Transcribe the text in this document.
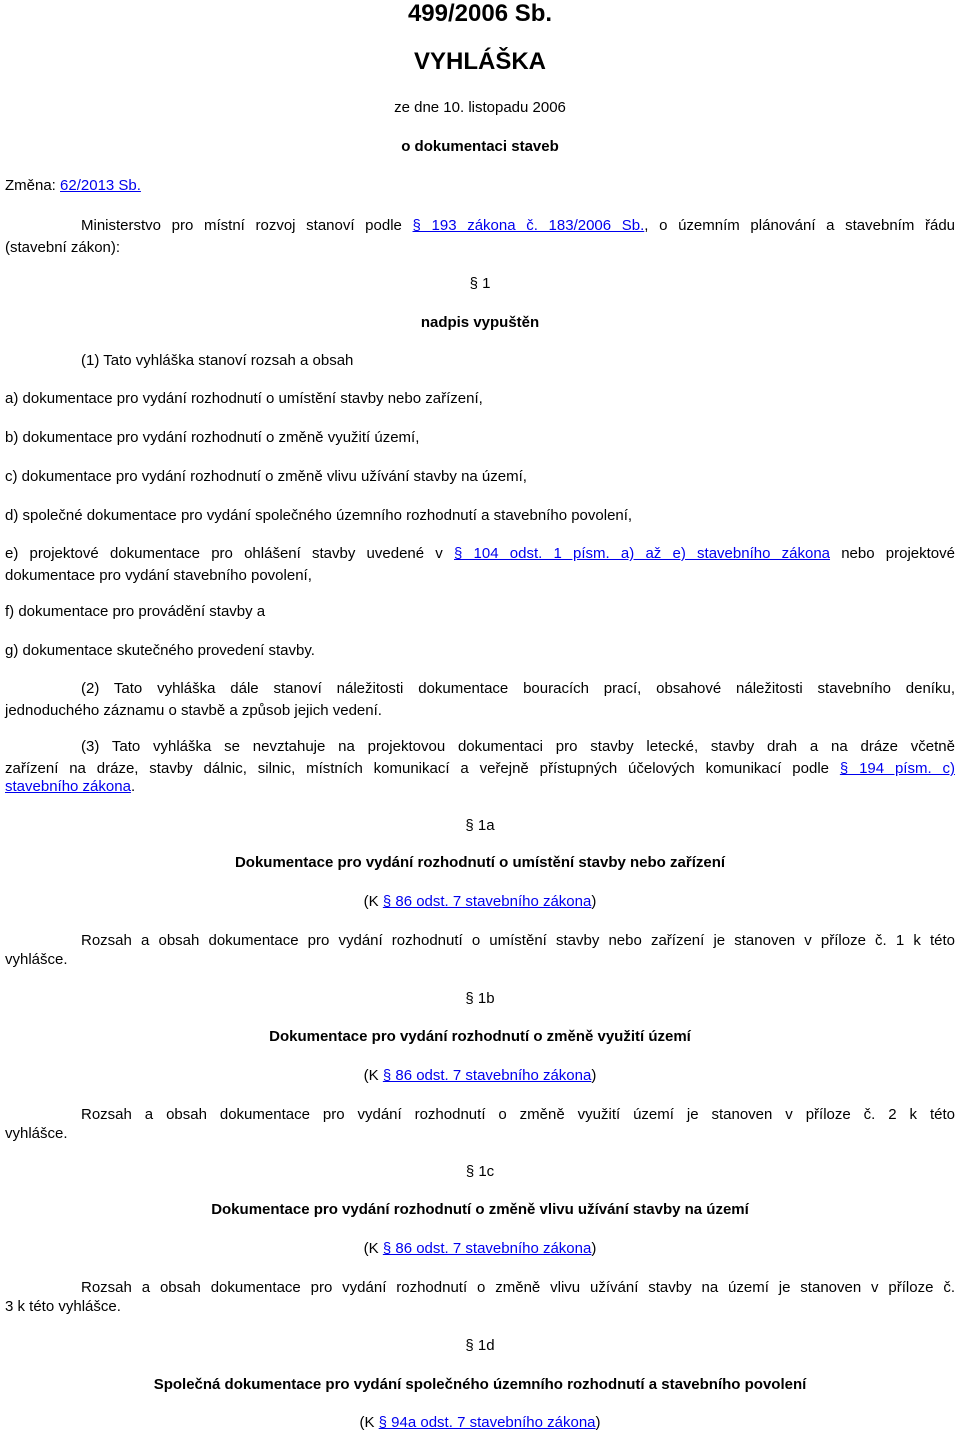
499/2006 Sb.
VYHLÁŠKA
ze dne 10. listopadu 2006
o dokumentaci staveb
Změna: 62/2013 Sb.
Ministerstvo pro místní rozvoj stanoví podle § 193 zákona č. 183/2006 Sb., o územním plánování a stavebním řádu
(stavební zákon):
§ 1
nadpis vypuštěn
(1) Tato vyhláška stanoví rozsah a obsah
a) dokumentace pro vydání rozhodnutí o umístění stavby nebo zařízení,
b) dokumentace pro vydání rozhodnutí o změně využití území,
c) dokumentace pro vydání rozhodnutí o změně vlivu užívání stavby na území,
d) společné dokumentace pro vydání společného územního rozhodnutí a stavebního povolení,
e) projektové dokumentace pro ohlášení stavby uvedené v § 104 odst. 1 písm. a) až e) stavebního zákona nebo projektové
dokumentace pro vydání stavebního povolení,
f) dokumentace pro provádění stavby a
g) dokumentace skutečného provedení stavby.
(2) Tato vyhláška dále stanoví náležitosti dokumentace bouracích prací, obsahové náležitosti stavebního deníku,
jednoduchého záznamu o stavbě a způsob jejich vedení.
(3) Tato vyhláška se nevztahuje na projektovou dokumentaci pro stavby letecké, stavby drah a na dráze včetně
zařízení na dráze, stavby dálnic, silnic, místních komunikací a veřejně přístupných účelových komunikací podle § 194 písm. c)
stavebního zákona.
§ 1a
Dokumentace pro vydání rozhodnutí o umístění stavby nebo zařízení
(K § 86 odst. 7 stavebního zákona)
Rozsah a obsah dokumentace pro vydání rozhodnutí o umístění stavby nebo zařízení je stanoven v příloze č. 1 k této
vyhlášce.
§ 1b
Dokumentace pro vydání rozhodnutí o změně využití území
(K § 86 odst. 7 stavebního zákona)
Rozsah a obsah dokumentace pro vydání rozhodnutí o změně využití území je stanoven v příloze č. 2 k této
vyhlášce.
§ 1c
Dokumentace pro vydání rozhodnutí o změně vlivu užívání stavby na území
(K § 86 odst. 7 stavebního zákona)
Rozsah a obsah dokumentace pro vydání rozhodnutí o změně vlivu užívání stavby na území je stanoven v příloze č.
3 k této vyhlášce.
§ 1d
Společná dokumentace pro vydání společného územního rozhodnutí a stavebního povolení
(K § 94a odst. 7 stavebního zákona)
